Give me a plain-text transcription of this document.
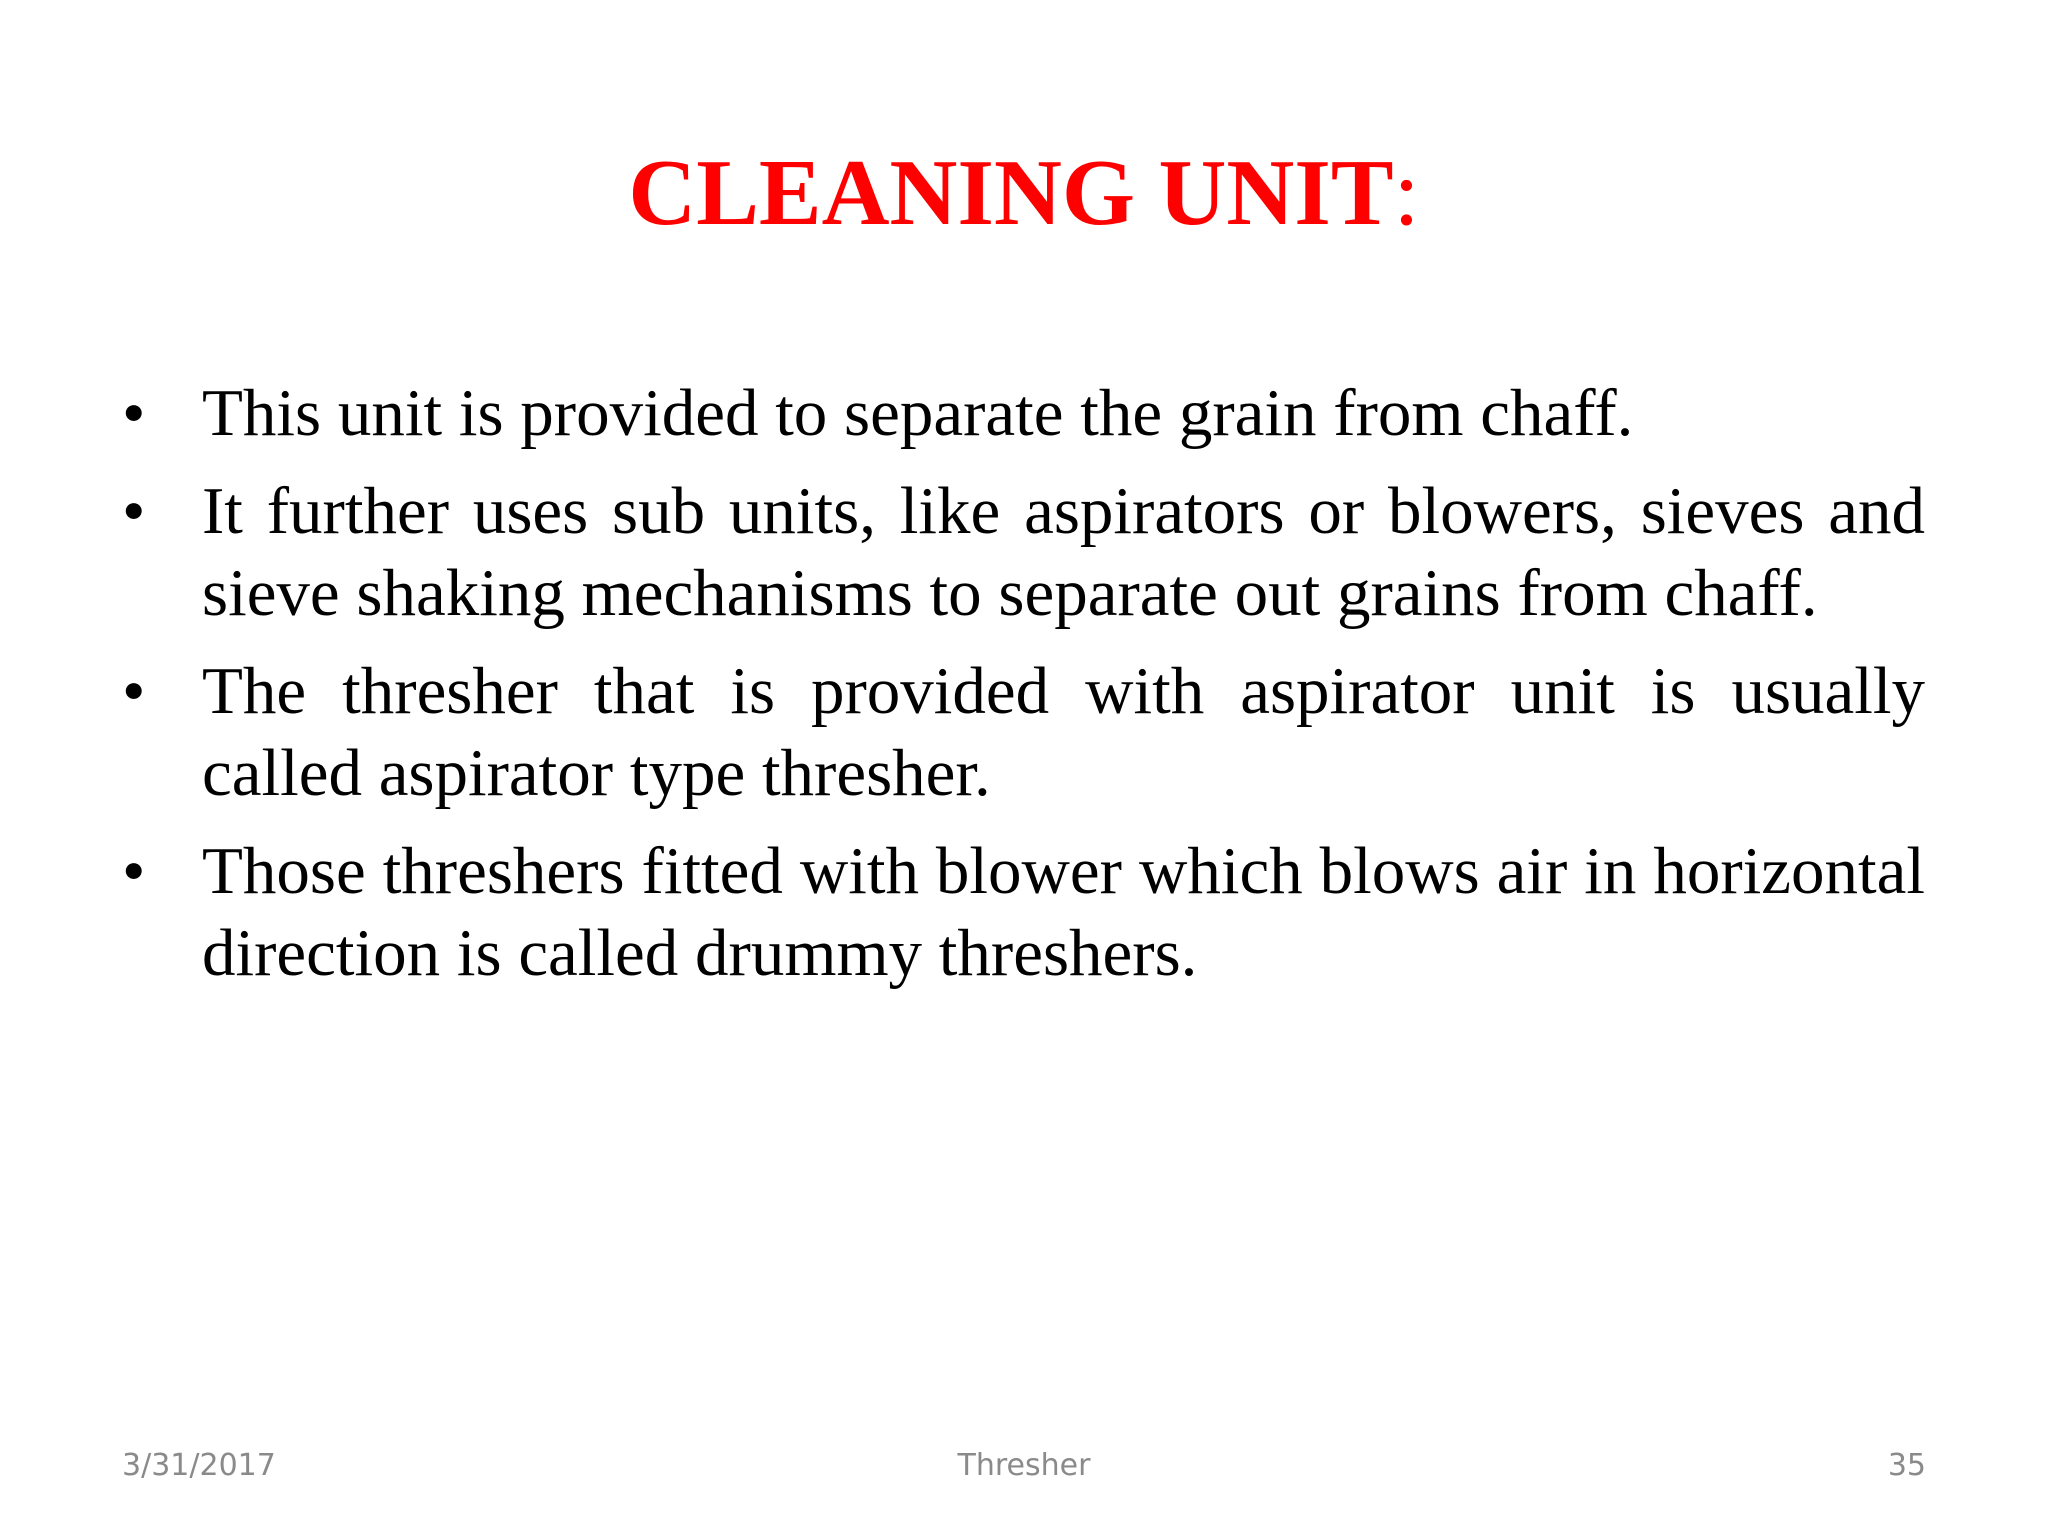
CLEANING UNIT:
• This unit is provided to separate the grain from chaff.
• It further uses sub units, like aspirators or blowers, sieves and sieve shaking mechanisms to separate out grains from chaff.
• The thresher that is provided with aspirator unit is usually called aspirator type thresher.
• Those threshers fitted with blower which blows air in horizontal direction is called drummy threshers.
3/31/2017	Thresher	35
